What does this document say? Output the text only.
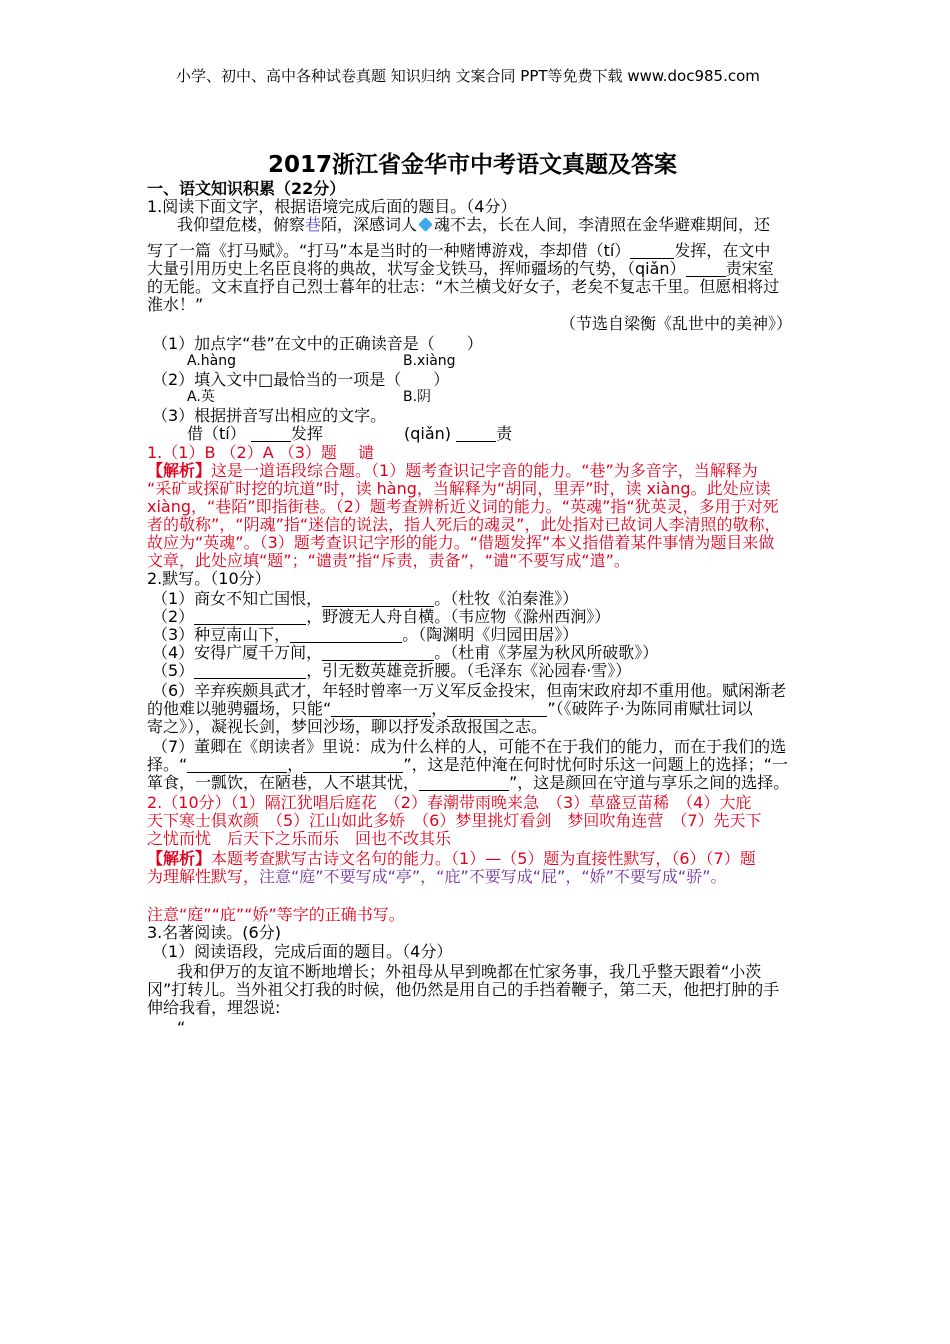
小学、初中、高中各种试卷真题 知识归纳 文案合同 PPT等免费下载 www.doc985.com
2017浙江省金华市中考语文真题及答案
一、语文知识积累（22分）
1.阅读下面文字，根据语境完成后面的题目。（4分）
我仰望危楼，俯察巷陌，深感词人 魂不去，长在人间，李清照在金华避难期间，还
写了一篇《打马赋》。“打马”本是当时的一种赌博游戏，李却借（tí）	发挥，在文中
大量引用历史上名臣良将的典故，状写金戈铁马，挥师疆场的气势，（qiǎn）	责宋室
的无能。文末直抒自己烈士暮年的壮志：“木兰横戈好女子，老矣不复志千里。但愿相将过
淮水！”
（节选自梁衡《乱世中的美神》）
（1）加点字“巷”在文中的正确读音是（　　）
A.hàng	B.xiàng
（2）填入文中□最恰当的一项是（　　）
A.英	B.阴
（3）根据拼音写出相应的文字。
借（tí）	发挥	(qiǎn)	责
1.（1）B （2）A （3）题　 谴
【解析】这是一道语段综合题。（1）题考查识记字音的能力。“巷”为多音字，当解释为
“采矿或探矿时挖的坑道”时，读 hàng，当解释为“胡同，里弄”时，读 xiàng。此处应读
xiàng，“巷陌”即指街巷。（2）题考查辨析近义词的能力。“英魂”指“犹英灵，多用于对死
者的敬称”，“阴魂”指“迷信的说法，指人死后的魂灵”，此处指对已故词人李清照的敬称，
故应为“英魂”。（3）题考查识记字形的能力。“借题发挥”本义指借着某件事情为题目来做
文章，此处应填“题”；“谴责”指“斥责，责备”，“谴”不要写成“遣”。
2.默写。（10分）
（1）商女不知亡国恨，	。（杜牧《泊秦淮》）
（2）	，野渡无人舟自横。（韦应物《滁州西涧》）
（3）种豆南山下，	。（陶渊明《归园田居》）
（4）安得广厦千万间，	。（杜甫《茅屋为秋风所破歌》）
（5）	，引无数英雄竞折腰。（毛泽东《沁园春·雪》）
（6）辛弃疾颇具武才，年轻时曾率一万义军反金投宋，但南宋政府却不重用他。赋闲渐老
的他难以驰骋疆场，只能“	，	”（《破阵子·为陈同甫赋壮词以
寄之》），凝视长剑，梦回沙场，聊以抒发杀敌报国之志。
（7）董卿在《朗读者》里说：成为什么样的人，可能不在于我们的能力，而在于我们的选
择。“	，	”，这是范仲淹在何时忧何时乐这一问题上的选择；“一
箪食，一瓢饮，在陋巷，人不堪其忧，	”，这是颜回在守道与享乐之间的选择。
2.（10分）（1）隔江犹唱后庭花　（2）春潮带雨晚来急　（3）草盛豆苗稀　（4）大庇
天下寒士俱欢颜　（5）江山如此多娇　（6）梦里挑灯看剑　梦回吹角连营　（7）先天下
之忧而忧　后天下之乐而乐　回也不改其乐
【解析】本题考查默写古诗文名句的能力。（1）—（5）题为直接性默写，（6）（7）题
为理解性默写，注意“庭”不要写成“亭”，“庇”不要写成“屁”，“娇”不要写成“骄”。
注意“庭”“庇”“娇”等字的正确书写。
3.名著阅读。(6分)
（1）阅读语段，完成后面的题目。（4分）
我和伊万的友谊不断地增长；外祖母从早到晚都在忙家务事，我几乎整天跟着“小茨
冈”打转儿。当外祖父打我的时候，他仍然是用自己的手挡着鞭子，第二天，他把打肿的手
伸给我看，埋怨说:
“
